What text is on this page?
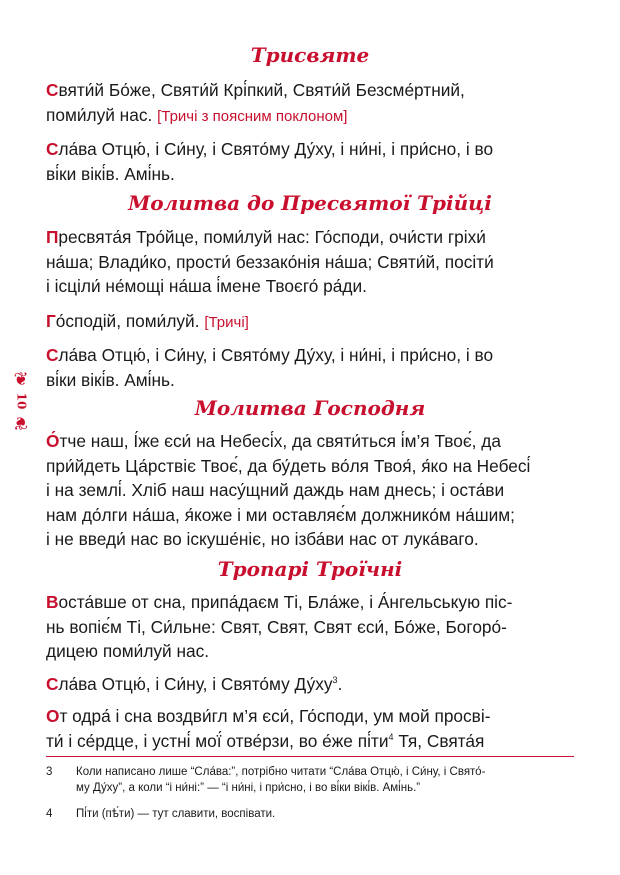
❦
10
❦
Трисвяте

Святи́й Бо́же, Святи́й Крі́пкий, Святи́й Безсме́ртний,
поми́луй нас. [Тричі з поясним поклоном]

Сла́ва Отцю́, і Си́ну, і Свято́му Ду́ху, і ни́ні, і при́сно, і во
ві́ки вікі́в. Амі́нь.

Молитва до Пресвятої Трійці

Пресвята́я Тро́йце, поми́луй нас: Го́споди, очи́сти гріхи́
на́ша; Влади́ко, прости́ беззако́нія на́ша; Святи́й, посіти́
і ісціли́ не́мощі на́ша і́мене Твоєго́ ра́ди.

Го́сподій, поми́луй. [Тричі]

Сла́ва Отцю́, і Си́ну, і Свято́му Ду́ху, і ни́ні, і при́сно, і во
ві́ки вікі́в. Амі́нь.

Молитва Господня

О́тче наш, І́же єси́ на Небесі́х, да святи́ться і́м’я Твоє́, да
при́йдеть Ца́рствіє Твоє́, да бу́деть во́ля Твоя́, я́ко на Небесі́
і на землі́. Хліб наш насу́щний даждь нам днесь; і оста́ви
нам до́лги на́ша, я́коже і ми оставляє́м должнико́м на́шим;
і не введи́ нас во іскуше́ніє, но ізба́ви нас от лука́ваго.

Тропарі Троїчні

Воста́вше от сна, припа́даєм Ті, Бла́же, і А́нгельськую піс-
нь вопіє́м Ті, Си́льне: Свят, Свят, Свят єси́, Бо́же, Богоро́-
дицею поми́луй нас.

Сла́ва Отцю́, і Си́ну, і Свято́му $Ду́ху^3$.

От одра́ і сна воздви́гл м’я єси́, Го́споди, ум мой просві-
ти́ і се́рдце, і устні́ мої́ отве́рзи, во е́же $пі́ти^4$ Тя, Свята́я

3	Коли написано лише “Сла́ва:”, потрібно читати “Сла́ва Отцю́, і Си́ну, і Свято́-
му Ду́ху”, а коли “і ни́ні:” — “і ни́ні, і при́сно, і во ві́ки вікі́в. Амі́нь.”
4	Пі́ти (пѣ́ти) — тут славити, воспівати.
